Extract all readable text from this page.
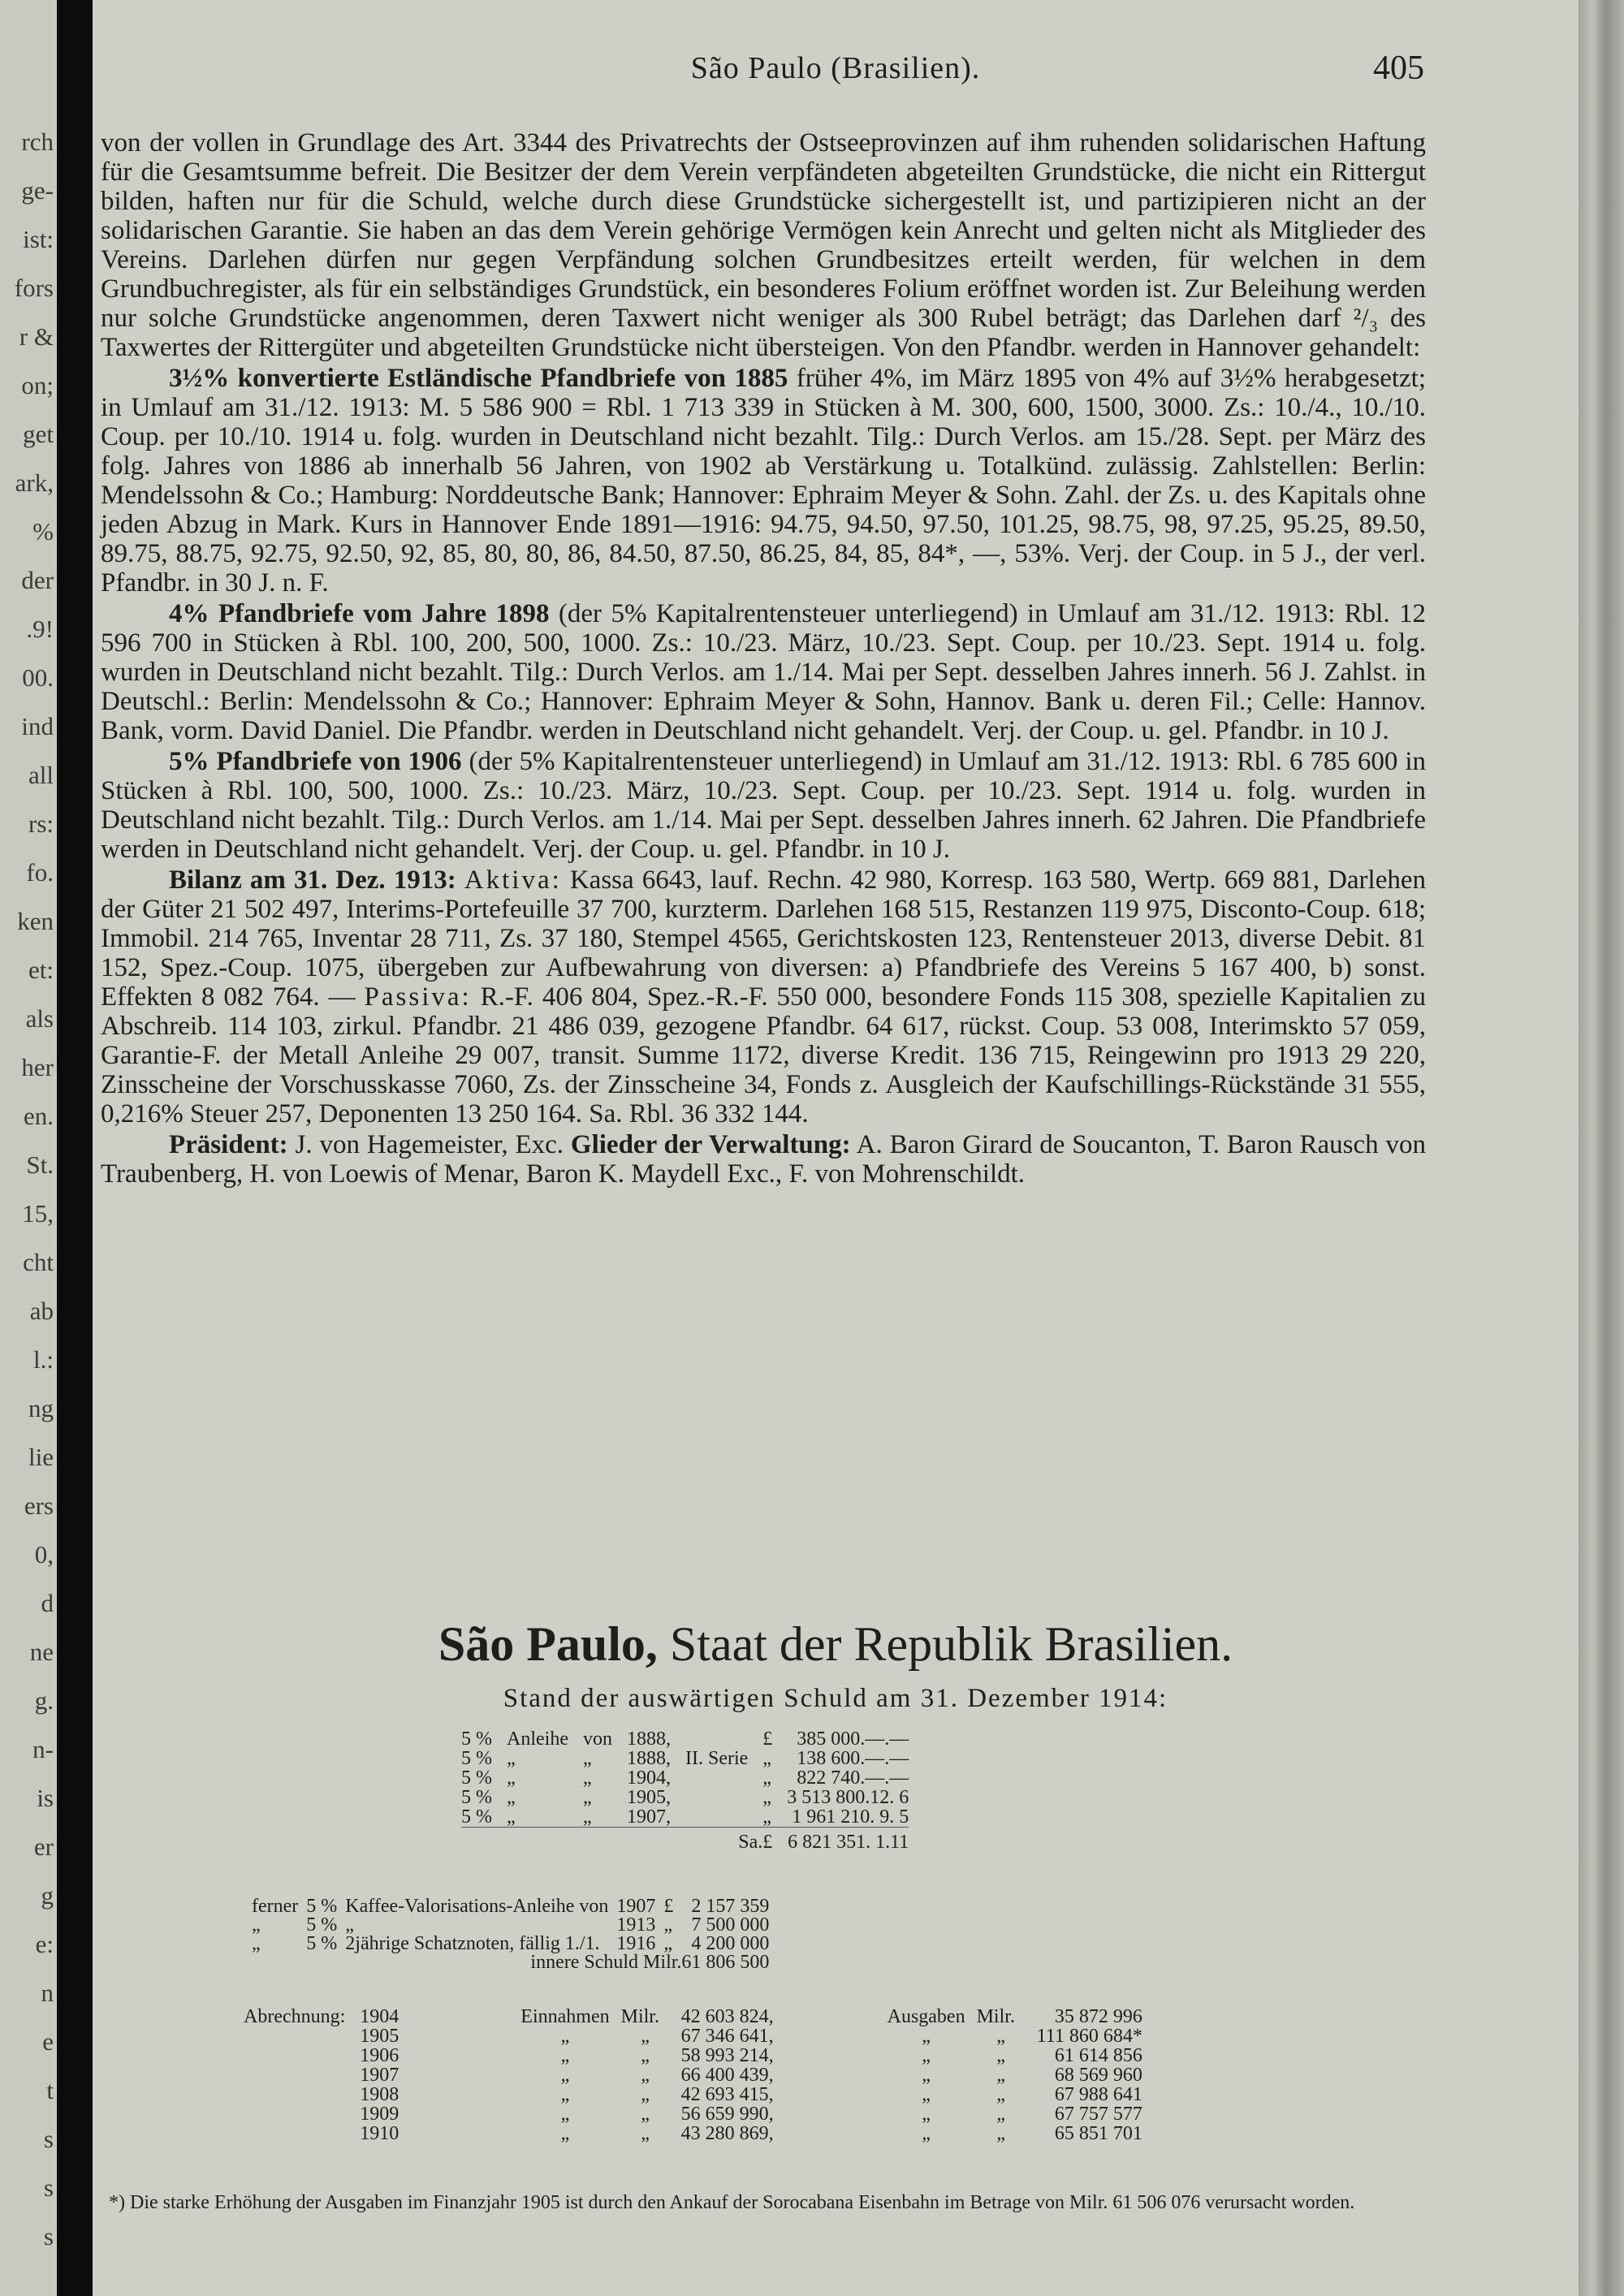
rch
ge-
ist:
fors
r &
on;
get
ark,
%
der
.9!
00.
ind
all
rs:
fo.
ken
et:
als
her
en.
St.
15,
cht
ab
l.:
ng
lie
ers
0,
d
ne
g.
n-
is
er
g
e:
n
e
t
s
s
s
São Paulo (Brasilien).	405

von der vollen in Grundlage des Art. 3344 des Privatrechts der Ostseeprovinzen auf ihm ruhenden solidarischen Haftung für die Gesamtsumme befreit. Die Besitzer der dem Verein verpfändeten abgeteilten Grundstücke, die nicht ein Rittergut bilden, haften nur für die Schuld, welche durch diese Grundstücke sichergestellt ist, und partizipieren nicht an der solidarischen Garantie. Sie haben an das dem Verein gehörige Vermögen kein Anrecht und gelten nicht als Mitglieder des Vereins. Darlehen dürfen nur gegen Verpfändung solchen Grundbesitzes erteilt werden, für welchen in dem Grundbuchregister, als für ein selbständiges Grundstück, ein besonderes Folium eröffnet worden ist. Zur Beleihung werden nur solche Grundstücke angenommen, deren Taxwert nicht weniger als 300 Rubel beträgt; das Darlehen darf ²/₃ des Taxwertes der Rittergüter und abgeteilten Grundstücke nicht übersteigen. Von den Pfandbr. werden in Hannover gehandelt:

3½% konvertierte Estländische Pfandbriefe von 1885 früher 4%, im März 1895 von 4% auf 3½% herabgesetzt; in Umlauf am 31./12. 1913: M. 5 586 900 = Rbl. 1 713 339 in Stücken à M. 300, 600, 1500, 3000. Zs.: 10./4., 10./10. Coup. per 10./10. 1914 u. folg. wurden in Deutschland nicht bezahlt. Tilg.: Durch Verlos. am 15./28. Sept. per März des folg. Jahres von 1886 ab innerhalb 56 Jahren, von 1902 ab Verstärkung u. Totalkünd. zulässig. Zahlstellen: Berlin: Mendelssohn & Co.; Hamburg: Norddeutsche Bank; Hannover: Ephraim Meyer & Sohn. Zahl. der Zs. u. des Kapitals ohne jeden Abzug in Mark. Kurs in Hannover Ende 1891—1916: 94.75, 94.50, 97.50, 101.25, 98.75, 98, 97.25, 95.25, 89.50, 89.75, 88.75, 92.75, 92.50, 92, 85, 80, 80, 86, 84.50, 87.50, 86.25, 84, 85, 84*, —, 53%. Verj. der Coup. in 5 J., der verl. Pfandbr. in 30 J. n. F.

4% Pfandbriefe vom Jahre 1898 (der 5% Kapitalrentensteuer unterliegend) in Umlauf am 31./12. 1913: Rbl. 12 596 700 in Stücken à Rbl. 100, 200, 500, 1000. Zs.: 10./23. März, 10./23. Sept. Coup. per 10./23. Sept. 1914 u. folg. wurden in Deutschland nicht bezahlt. Tilg.: Durch Verlos. am 1./14. Mai per Sept. desselben Jahres innerh. 56 J. Zahlst. in Deutschl.: Berlin: Mendelssohn & Co.; Hannover: Ephraim Meyer & Sohn, Hannov. Bank u. deren Fil.; Celle: Hannov. Bank, vorm. David Daniel. Die Pfandbr. werden in Deutschland nicht gehandelt. Verj. der Coup. u. gel. Pfandbr. in 10 J.

5% Pfandbriefe von 1906 (der 5% Kapitalrentensteuer unterliegend) in Umlauf am 31./12. 1913: Rbl. 6 785 600 in Stücken à Rbl. 100, 500, 1000. Zs.: 10./23. März, 10./23. Sept. Coup. per 10./23. Sept. 1914 u. folg. wurden in Deutschland nicht bezahlt. Tilg.: Durch Verlos. am 1./14. Mai per Sept. desselben Jahres innerh. 62 Jahren. Die Pfandbriefe werden in Deutschland nicht gehandelt. Verj. der Coup. u. gel. Pfandbr. in 10 J.

Bilanz am 31. Dez. 1913: Aktiva: Kassa 6643, lauf. Rechn. 42 980, Korresp. 163 580, Wertp. 669 881, Darlehen der Güter 21 502 497, Interims-Portefeuille 37 700, kurzterm. Darlehen 168 515, Restanzen 119 975, Disconto-Coup. 618; Immobil. 214 765, Inventar 28 711, Zs. 37 180, Stempel 4565, Gerichtskosten 123, Rentensteuer 2013, diverse Debit. 81 152, Spez.-Coup. 1075, übergeben zur Aufbewahrung von diversen: a) Pfandbriefe des Vereins 5 167 400, b) sonst. Effekten 8 082 764. — Passiva: R.-F. 406 804, Spez.-R.-F. 550 000, besondere Fonds 115 308, spezielle Kapitalien zu Abschreib. 114 103, zirkul. Pfandbr. 21 486 039, gezogene Pfandbr. 64 617, rückst. Coup. 53 008, Interimskto 57 059, Garantie-F. der Metall Anleihe 29 007, transit. Summe 1172, diverse Kredit. 136 715, Reingewinn pro 1913 29 220, Zinsscheine der Vorschusskasse 7060, Zs. der Zinsscheine 34, Fonds z. Ausgleich der Kaufschillings-Rückstände 31 555, 0,216% Steuer 257, Deponenten 13 250 164. Sa. Rbl. 36 332 144.

Präsident: J. von Hagemeister, Exc. Glieder der Verwaltung: A. Baron Girard de Soucanton, T. Baron Rausch von Traubenberg, H. von Loewis of Menar, Baron K. Maydell Exc., F. von Mohrenschildt.

São Paulo, Staat der Republik Brasilien.
Stand der auswärtigen Schuld am 31. Dezember 1914:
5 %	Anleihe	von	1888,		£	385 000.—.—
5 %	„	„	1888,	II. Serie	„	138 600.—.—
5 %	„	„	1904,		„	822 740.—.—
5 %	„	„	1905,		„	3 513 800.12. 6
5 %	„	„	1907,		„	1 961 210. 9. 5
				Sa.	£	6 821 351. 1.11
ferner	5 %	Kaffee-Valorisations-Anleihe von	1907	£	2 157 359
„	5 %	„	1913	„	7 500 000
„	5 %	2jährige Schatznoten, fällig 1./1.	1916	„	4 200 000
		innere Schuld Milr.			61 806 500
Abrechnung:	1904	Einnahmen	Milr.	42 603 824,	Ausgaben	Milr.	35 872 996
	1905	„	„	67 346 641,	„	„	111 860 684*
	1906	„	„	58 993 214,	„	„	61 614 856
	1907	„	„	66 400 439,	„	„	68 569 960
	1908	„	„	42 693 415,	„	„	67 988 641
	1909	„	„	56 659 990,	„	„	67 757 577
	1910	„	„	43 280 869,	„	„	65 851 701
*) Die starke Erhöhung der Ausgaben im Finanzjahr 1905 ist durch den Ankauf der Sorocabana Eisenbahn im Betrage von Milr. 61 506 076 verursacht worden.
